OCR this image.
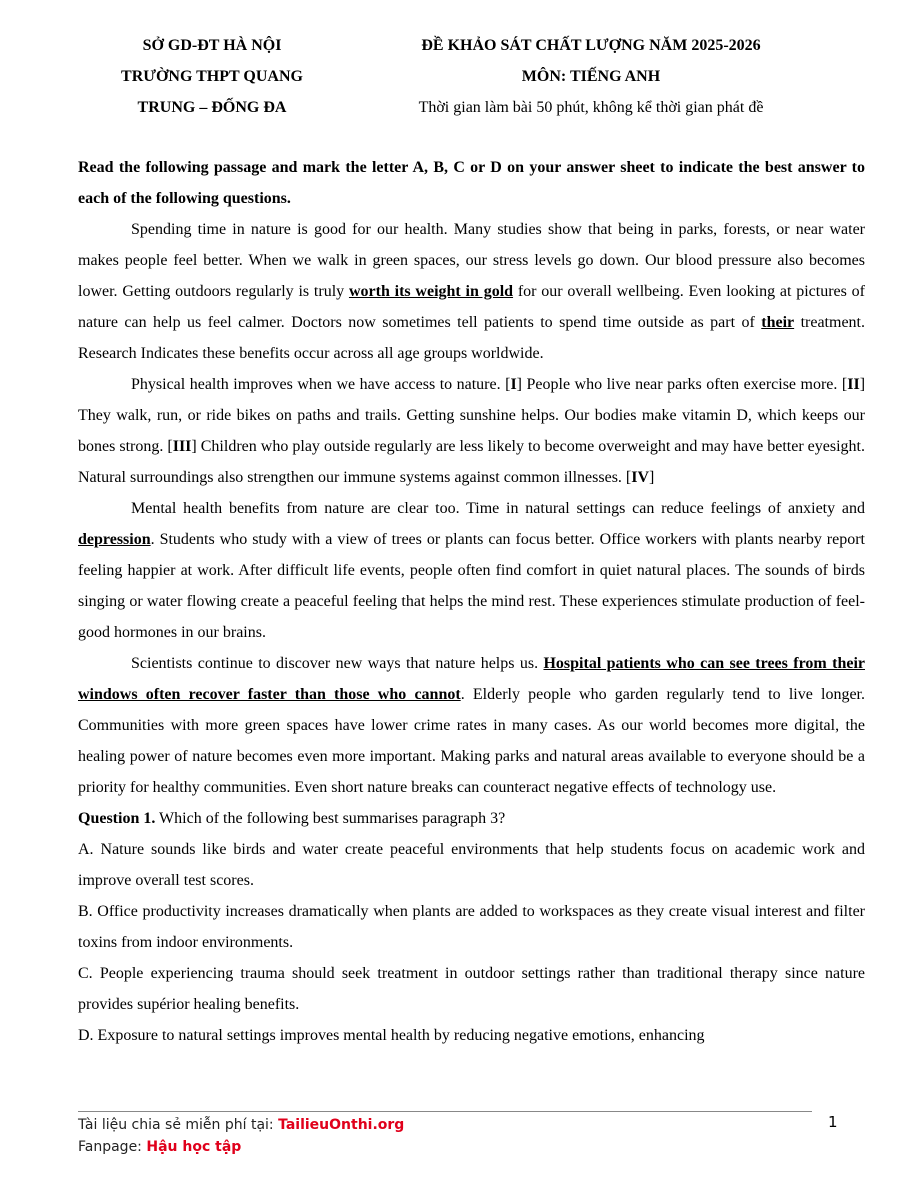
SỞ GD-ĐT HÀ NỘI
TRƯỜNG THPT QUANG
TRUNG – ĐỐNG ĐA
ĐỀ KHẢO SÁT CHẤT LƯỢNG NĂM 2025-2026
MÔN: TIẾNG ANH
Thời gian làm bài 50 phút, không kể thời gian phát đề

Read the following passage and mark the letter A, B, C or D on your answer sheet to indicate the best answer to each of the following questions.

Spending time in nature is good for our health. Many studies show that being in parks, forests, or near water makes people feel better. When we walk in green spaces, our stress levels go down. Our blood pressure also becomes lower. Getting outdoors regularly is truly worth its weight in gold for our overall wellbeing. Even looking at pictures of nature can help us feel calmer. Doctors now sometimes tell patients to spend time outside as part of their treatment. Research Indicates these benefits occur across all age groups worldwide.

Physical health improves when we have access to nature. [I] People who live near parks often exercise more. [II] They walk, run, or ride bikes on paths and trails. Getting sunshine helps. Our bodies make vitamin D, which keeps our bones strong. [III] Children who play outside regularly are less likely to become overweight and may have better eyesight. Natural surroundings also strengthen our immune systems against common illnesses. [IV]

Mental health benefits from nature are clear too. Time in natural settings can reduce feelings of anxiety and depression. Students who study with a view of trees or plants can focus better. Office workers with plants nearby report feeling happier at work. After difficult life events, people often find comfort in quiet natural places. The sounds of birds singing or water flowing create a peaceful feeling that helps the mind rest. These experiences stimulate production of feel-good hormones in our brains.

Scientists continue to discover new ways that nature helps us. Hospital patients who can see trees from their windows often recover faster than those who cannot. Elderly people who garden regularly tend to live longer. Communities with more green spaces have lower crime rates in many cases. As our world becomes more digital, the healing power of nature becomes even more important. Making parks and natural areas available to everyone should be a priority for healthy communities. Even short nature breaks can counteract negative effects of technology use.

Question 1. Which of the following best summarises paragraph 3?

A. Nature sounds like birds and water create peaceful environments that help students focus on academic work and improve overall test scores.

B. Office productivity increases dramatically when plants are added to workspaces as they create visual interest and filter toxins from indoor environments.

C. People experiencing trauma should seek treatment in outdoor settings rather than traditional therapy since nature provides supérior healing benefits.

D. Exposure to natural settings improves mental health by reducing negative emotions, enhancing

Tài liệu chia sẻ miễn phí tại: TailieuOnthi.org
Fanpage: Hậu học tập
1
